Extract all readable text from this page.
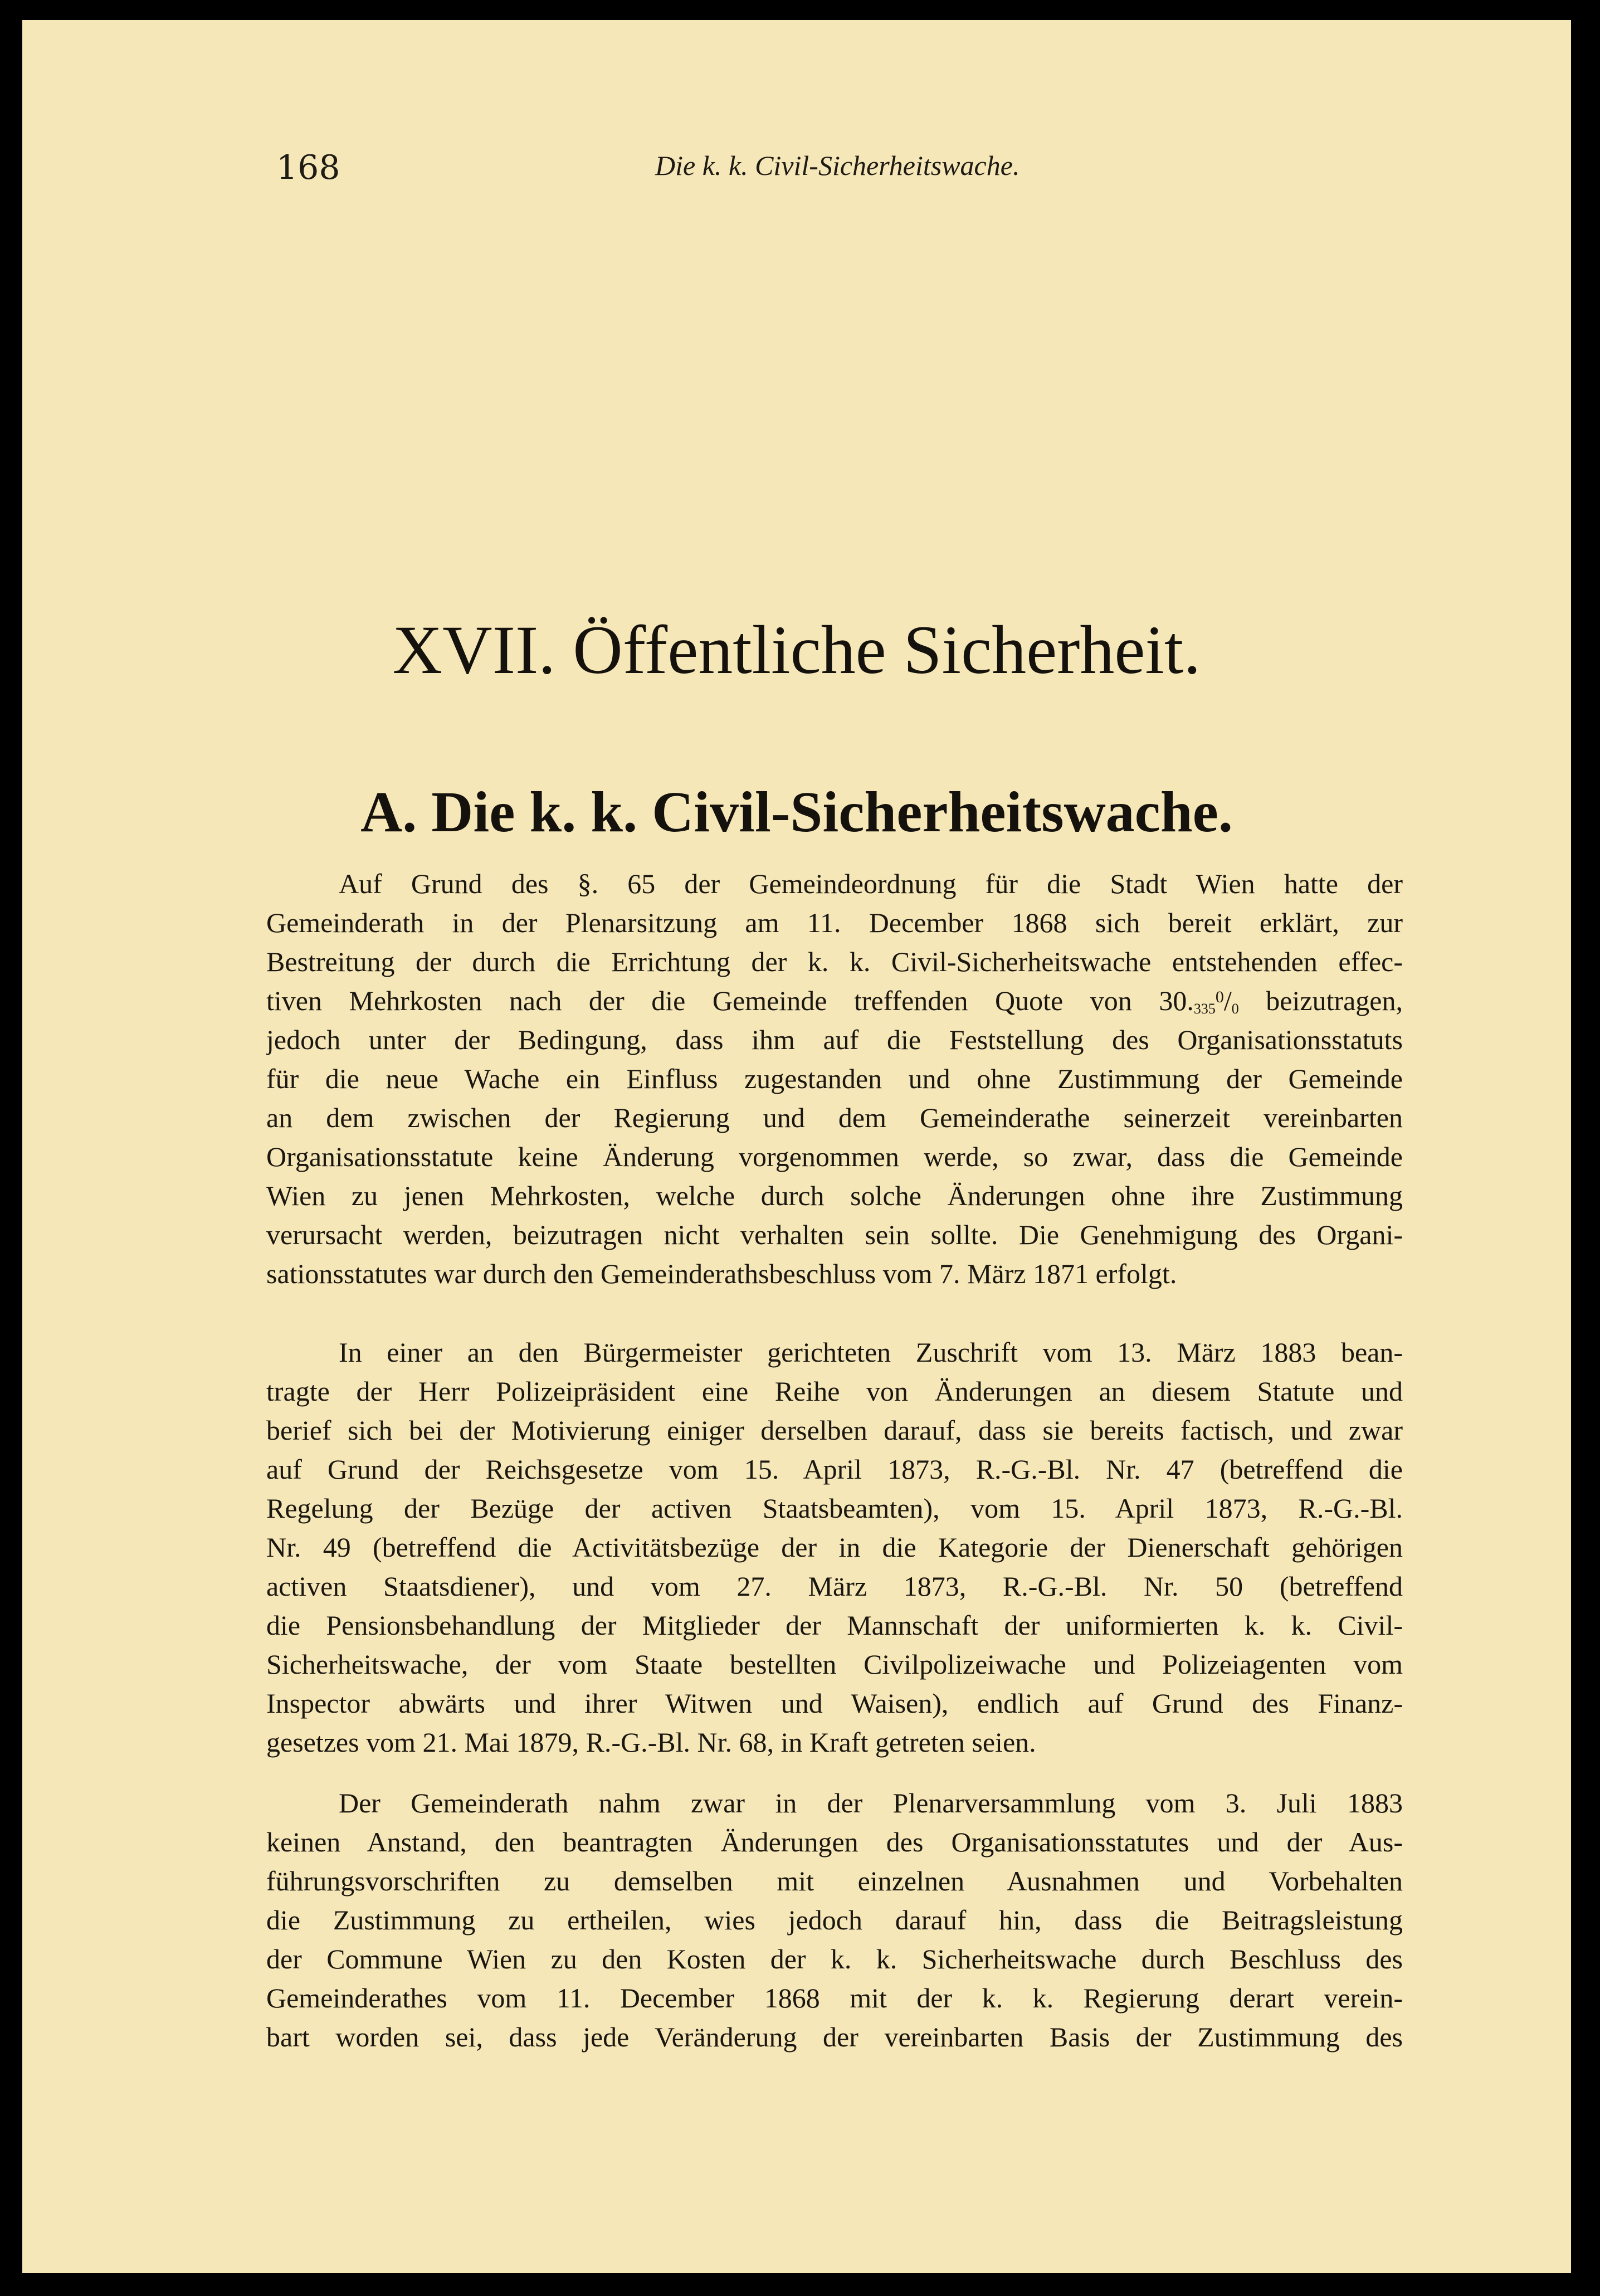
168	Die k. k. Civil-Sicherheitswache.
XVII. Öffentliche Sicherheit.
A. Die k. k. Civil-Sicherheitswache.
Auf Grund des §. 65 der Gemeindeordnung für die Stadt Wien hatte der
Gemeinderath in der Plenarsitzung am 11. December 1868 sich bereit erklärt, zur
Bestreitung der durch die Errichtung der k. k. Civil-Sicherheitswache entstehenden effec-
tiven Mehrkosten nach der die Gemeinde treffenden Quote von $30._{335}^0/_0$ beizutragen,
jedoch unter der Bedingung, dass ihm auf die Feststellung des Organisationsstatuts
für die neue Wache ein Einfluss zugestanden und ohne Zustimmung der Gemeinde
an dem zwischen der Regierung und dem Gemeinderathe seinerzeit vereinbarten
Organisationsstatute keine Änderung vorgenommen werde, so zwar, dass die Gemeinde
Wien zu jenen Mehrkosten, welche durch solche Änderungen ohne ihre Zustimmung
verursacht werden, beizutragen nicht verhalten sein sollte. Die Genehmigung des Organi-
sationsstatutes war durch den Gemeinderathsbeschluss vom 7. März 1871 erfolgt.
In einer an den Bürgermeister gerichteten Zuschrift vom 13. März 1883 bean-
tragte der Herr Polizeipräsident eine Reihe von Änderungen an diesem Statute und
berief sich bei der Motivierung einiger derselben darauf, dass sie bereits factisch, und zwar
auf Grund der Reichsgesetze vom 15. April 1873, R.-G.-Bl. Nr. 47 (betreffend die
Regelung der Bezüge der activen Staatsbeamten), vom 15. April 1873, R.-G.-Bl.
Nr. 49 (betreffend die Activitätsbezüge der in die Kategorie der Dienerschaft gehörigen
activen Staatsdiener), und vom 27. März 1873, R.-G.-Bl. Nr. 50 (betreffend
die Pensionsbehandlung der Mitglieder der Mannschaft der uniformierten k. k. Civil-
Sicherheitswache, der vom Staate bestellten Civilpolizeiwache und Polizeiagenten vom
Inspector abwärts und ihrer Witwen und Waisen), endlich auf Grund des Finanz-
gesetzes vom 21. Mai 1879, R.-G.-Bl. Nr. 68, in Kraft getreten seien.
Der Gemeinderath nahm zwar in der Plenarversammlung vom 3. Juli 1883
keinen Anstand, den beantragten Änderungen des Organisationsstatutes und der Aus-
führungsvorschriften zu demselben mit einzelnen Ausnahmen und Vorbehalten
die Zustimmung zu ertheilen, wies jedoch darauf hin, dass die Beitragsleistung
der Commune Wien zu den Kosten der k. k. Sicherheitswache durch Beschluss des
Gemeinderathes vom 11. December 1868 mit der k. k. Regierung derart verein-
bart worden sei, dass jede Veränderung der vereinbarten Basis der Zustimmung des
